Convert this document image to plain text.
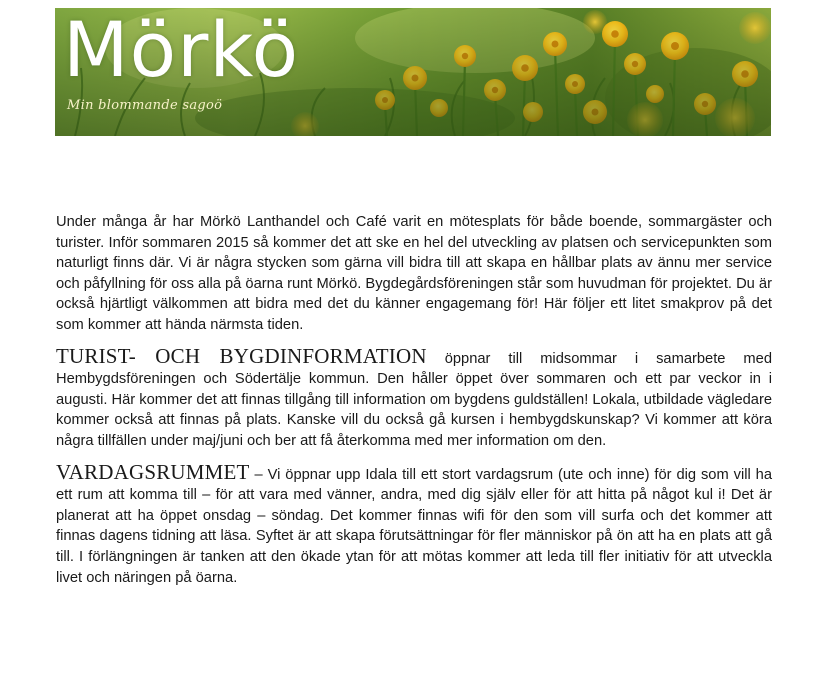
Mörkö
Min blommande sagoö

Under många år har Mörkö Lanthandel och Café varit en mötesplats för både boende, sommargäster och turister. Inför sommaren 2015 så kommer det att ske en hel del utveckling av platsen och servicepunkten som naturligt finns där. Vi är några stycken som gärna vill bidra till att skapa en hållbar plats av ännu mer service och påfyllning för oss alla på öarna runt Mörkö. Bygdegårdsföreningen står som huvudman för projektet. Du är också hjärtligt välkommen att bidra med det du känner engagemang för! Här följer ett litet smakprov på det som kommer att hända närmsta tiden.

TURIST- OCH BYGDINFORMATION öppnar till midsommar i samarbete med Hembygdsföreningen och Södertälje kommun. Den håller öppet över sommaren och ett par veckor in i augusti. Här kommer det att finnas tillgång till information om bygdens guldställen! Lokala, utbildade vägledare kommer också att finnas på plats. Kanske vill du också gå kursen i hembygdskunskap? Vi kommer att köra några tillfällen under maj/juni och ber att få återkomma med mer information om den.

VARDAGSRUMMET – Vi öppnar upp Idala till ett stort vardagsrum (ute och inne) för dig som vill ha ett rum att komma till – för att vara med vänner, andra, med dig själv eller för att hitta på något kul i! Det är planerat att ha öppet onsdag – söndag. Det kommer finnas wifi för den som vill surfa och det kommer att finnas dagens tidning att läsa. Syftet är att skapa förutsättningar för fler människor på ön att ha en plats att gå till. I förlängningen är tanken att den ökade ytan för att mötas kommer att leda till fler initiativ för att utveckla livet och näringen på öarna.
